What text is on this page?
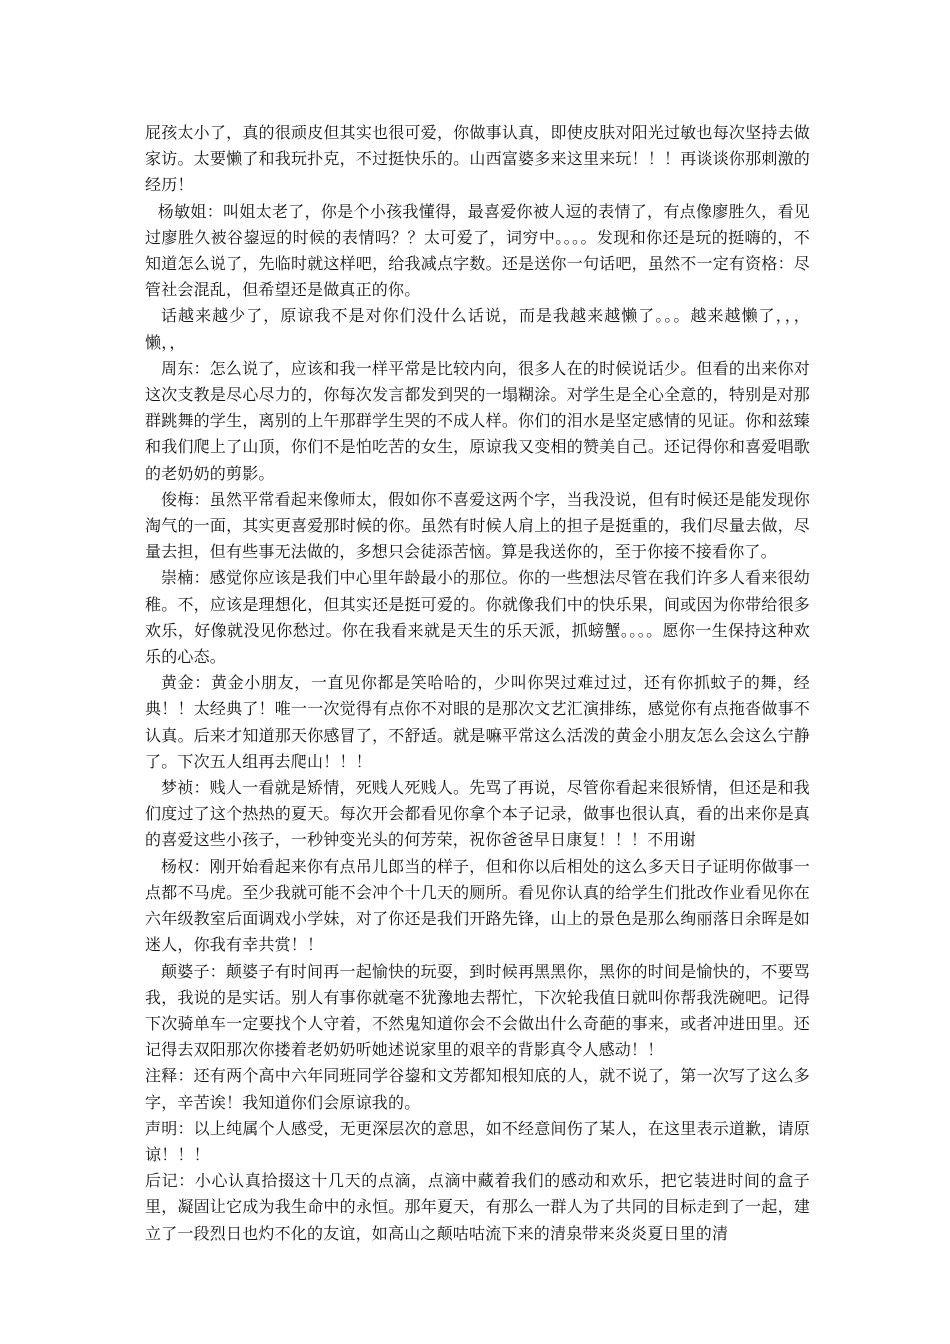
屁孩太小了，真的很顽皮但其实也很可爱，你做事认真，即使皮肤对阳光过敏也每次坚持去做家访。太要懒了和我玩扑克，不过挺快乐的。山西富婆多来这里来玩！！！再谈谈你那刺激的经历！

杨敏姐：叫姐太老了，你是个小孩我懂得，最喜爱你被人逗的表情了，有点像廖胜久，看见过廖胜久被谷鋆逗的时候的表情吗？？太可爱了，词穷中。。。。发现和你还是玩的挺嗨的，不知道怎么说了，先临时就这样吧，给我减点字数。还是送你一句话吧，虽然不一定有资格：尽管社会混乱，但希望还是做真正的你。

话越来越少了，原谅我不是对你们没什么话说，而是我越来越懒了。。。越来越懒了，，，懒，，

周东：怎么说了，应该和我一样平常是比较内向，很多人在的时候说话少。但看的出来你对这次支教是尽心尽力的，你每次发言都发到哭的一塌糊涂。对学生是全心全意的，特别是对那群跳舞的学生，离别的上午那群学生哭的不成人样。你们的泪水是坚定感情的见证。你和兹臻和我们爬上了山顶，你们不是怕吃苦的女生，原谅我又变相的赞美自己。还记得你和喜爱唱歌的老奶奶的剪影。

俊梅：虽然平常看起来像师太，假如你不喜爱这两个字，当我没说，但有时候还是能发现你淘气的一面，其实更喜爱那时候的你。虽然有时候人肩上的担子是挺重的，我们尽量去做，尽量去担，但有些事无法做的，多想只会徒添苦恼。算是我送你的，至于你接不接看你了。

崇楠：感觉你应该是我们中心里年龄最小的那位。你的一些想法尽管在我们许多人看来很幼稚。不，应该是理想化，但其实还是挺可爱的。你就像我们中的快乐果，间或因为你带给很多欢乐，好像就没见你愁过。你在我看来就是天生的乐天派，抓螃蟹。。。。愿你一生保持这种欢乐的心态。

黄金：黄金小朋友，一直见你都是笑哈哈的，少叫你哭过难过过，还有你抓蚊子的舞，经典！！太经典了！唯一一次觉得有点你不对眼的是那次文艺汇演排练，感觉你有点拖沓做事不认真。后来才知道那天你感冒了，不舒适。就是嘛平常这么活泼的黄金小朋友怎么会这么宁静了。下次五人组再去爬山！！！

梦祯：贱人一看就是矫情，死贱人死贱人。先骂了再说，尽管你看起来很矫情，但还是和我们度过了这个热热的夏天。每次开会都看见你拿个本子记录，做事也很认真，看的出来你是真的喜爱这些小孩子，一秒钟变光头的何芳荣，祝你爸爸早日康复！！！不用谢

杨权：刚开始看起来你有点吊儿郎当的样子，但和你以后相处的这么多天日子证明你做事一点都不马虎。至少我就可能不会冲个十几天的厕所。看见你认真的给学生们批改作业看见你在六年级教室后面调戏小学妹，对了你还是我们开路先锋，山上的景色是那么绚丽落日余晖是如迷人，你我有幸共赏！！

颠婆子：颠婆子有时间再一起愉快的玩耍，到时候再黑黑你，黑你的时间是愉快的，不要骂我，我说的是实话。别人有事你就毫不犹豫地去帮忙，下次轮我值日就叫你帮我洗碗吧。记得下次骑单车一定要找个人守着，不然鬼知道你会不会做出什么奇葩的事来，或者冲进田里。还记得去双阳那次你搂着老奶奶听她述说家里的艰辛的背影真令人感动！！

注释：还有两个高中六年同班同学谷鋆和文芳都知根知底的人，就不说了，第一次写了这么多字，辛苦诶！我知道你们会原谅我的。

声明：以上纯属个人感受，无更深层次的意思，如不经意间伤了某人，在这里表示道歉，请原谅！！！

后记：小心认真拾掇这十几天的点滴，点滴中藏着我们的感动和欢乐，把它装进时间的盒子里，凝固让它成为我生命中的永恒。那年夏天，有那么一群人为了共同的目标走到了一起，建立了一段烈日也灼不化的友谊，如高山之颠咕咕流下来的清泉带来炎炎夏日里的清
